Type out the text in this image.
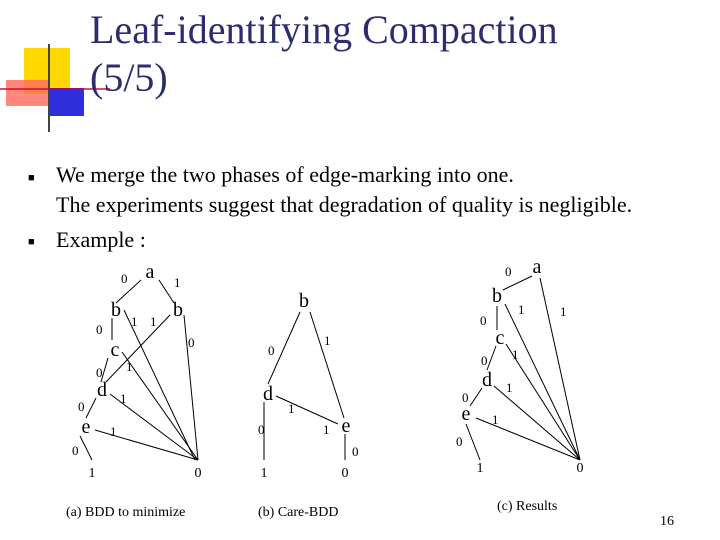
Leaf-identifying Compaction
(5/5)
■ We merge the two phases of edge-marking into one.
The experiments suggest that degradation of quality is negligible.
■ Example :
a
b	b
c
d
e
1	0
0	1
0
1 1
0
0 1
0
1
0
1
(a) BDD to minimize
b
d
e
1	0
0
1
0
1
1
0
(b) Care-BDD
a
b
c
d
e
1	0
0
1
0
1
0 1
0
1
0
1
(c) Results
16
